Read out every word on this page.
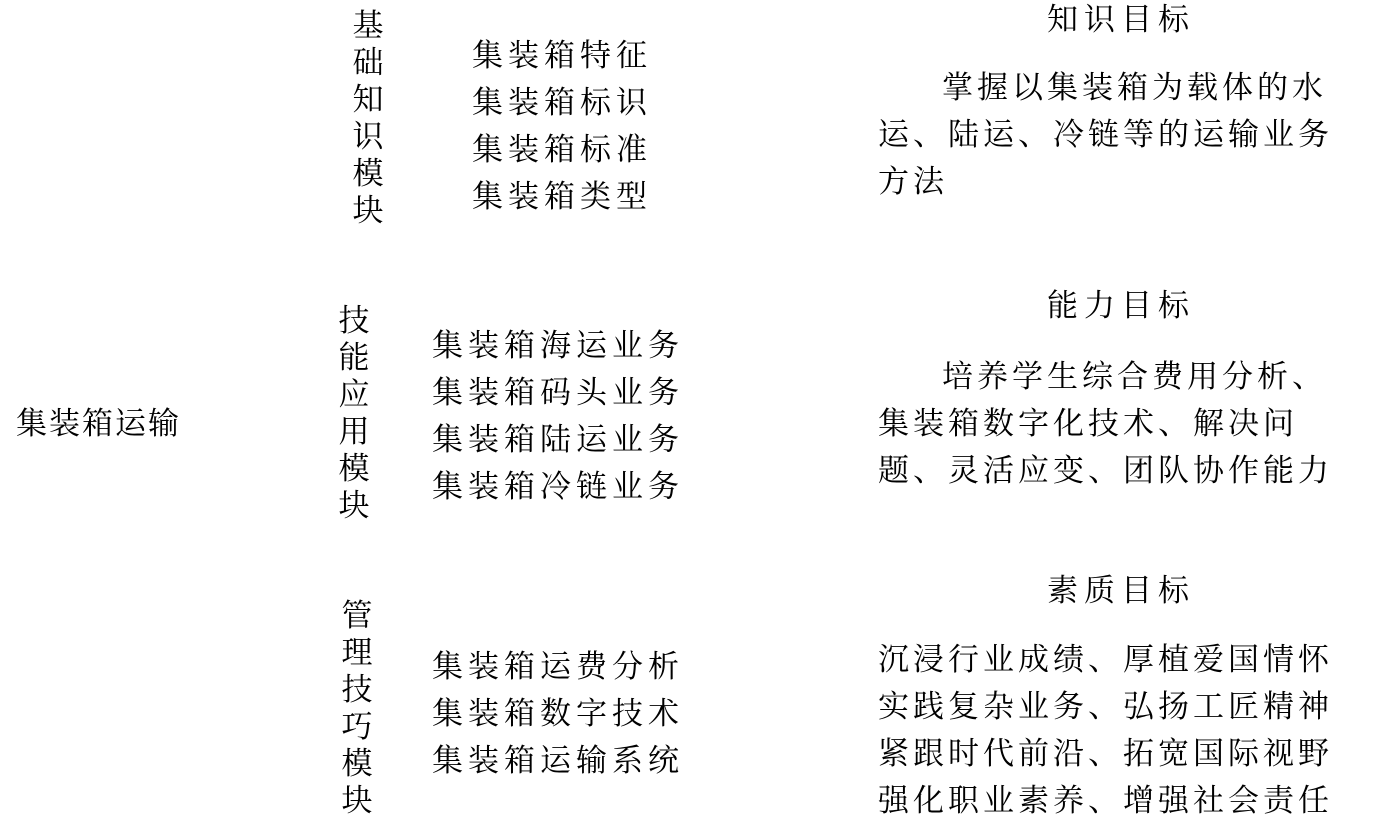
集装箱运输
基
础
知
识
模
块
集装箱特征
集装箱标识
集装箱标准
集装箱类型
技
能
应
用
模
块
集装箱海运业务
集装箱码头业务
集装箱陆运业务
集装箱冷链业务
管
理
技
巧
模
块
集装箱运费分析
集装箱数字技术
集装箱运输系统
知识目标
掌握以集装箱为载体的水
运、陆运、冷链等的运输业务
方法
能力目标
培养学生综合费用分析、
集装箱数字化技术、解决问
题、灵活应变、团队协作能力
素质目标
沉浸行业成绩、厚植爱国情怀
实践复杂业务、弘扬工匠精神
紧跟时代前沿、拓宽国际视野
强化职业素养、增强社会责任
